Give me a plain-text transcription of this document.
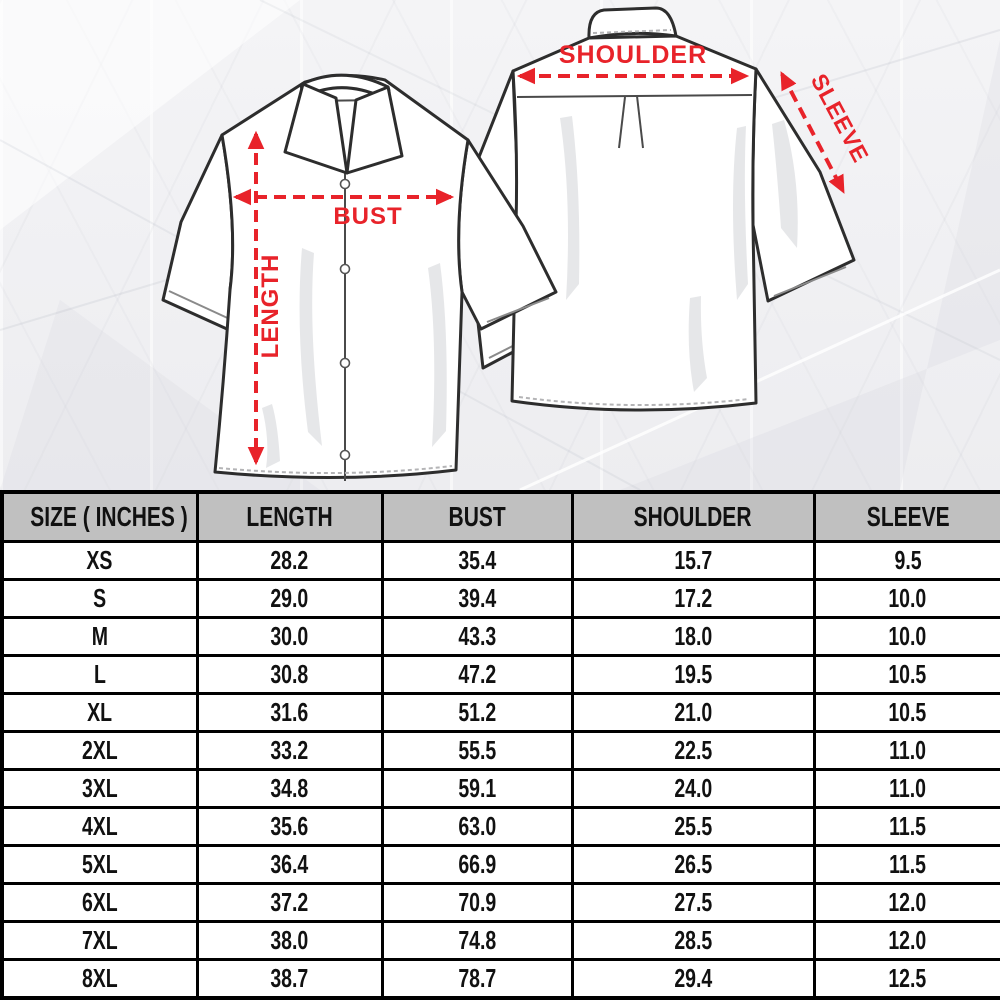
BUST
LENGTH
SHOULDER
SLEEVE
SIZE ( INCHES )	LENGTH	BUST	SHOULDER	SLEEVE
XS	28.2	35.4	15.7	9.5
S	29.0	39.4	17.2	10.0
M	30.0	43.3	18.0	10.0
L	30.8	47.2	19.5	10.5
XL	31.6	51.2	21.0	10.5
2XL	33.2	55.5	22.5	11.0
3XL	34.8	59.1	24.0	11.0
4XL	35.6	63.0	25.5	11.5
5XL	36.4	66.9	26.5	11.5
6XL	37.2	70.9	27.5	12.0
7XL	38.0	74.8	28.5	12.0
8XL	38.7	78.7	29.4	12.5
